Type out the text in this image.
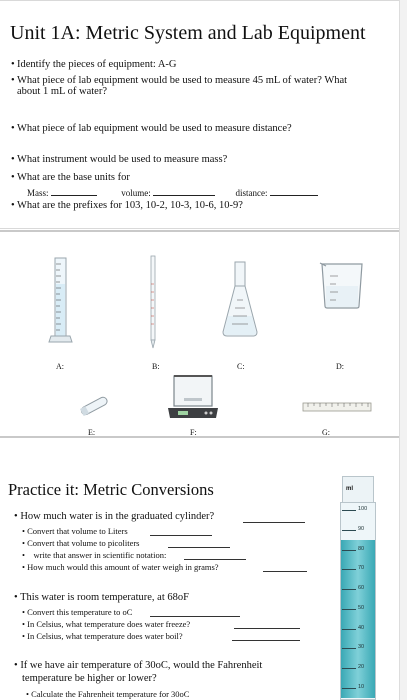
Unit 1A: Metric System and Lab Equipment
• Identify the pieces of equipment: A-G
• What piece of lab equipment would be used to measure 45 mL of water? What
about 1 mL of water?
• What piece of lab equipment would be used to measure distance?
• What instrument would be used to measure mass?
• What are the base units for
Mass:	volume:	distance:
• What are the prefixes for 103, 10-2, 10-3, 10-6, 10-9?
A:	B:	C:	D:
E:	F:	G:
Practice it: Metric Conversions
• How much water is in the graduated cylinder?
• Convert that volume to Liters
• Convert that volume to picoliters
•    write that answer in scientific notation:
• How much would this amount of water weigh in grams?
• This water is room temperature, at 68oF
• Convert this temperature to oC
• In Celsius, what temperature does water freeze?
• In Celsius, what temperature does water boil?
• If we have air temperature of 30oC, would the Fahrenheit
temperature be higher or lower?
• Calculate the Fahrenheit temperature for 30oC
ml
100
90
80
70
60
50
40
30
20
10
